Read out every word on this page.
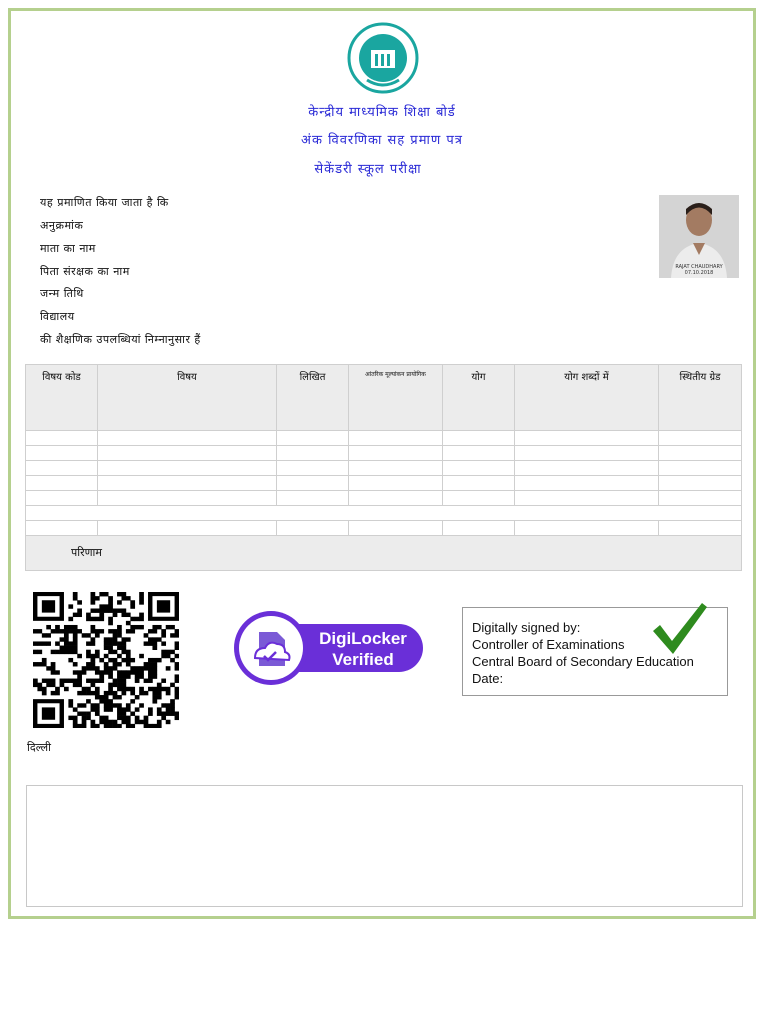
केन्द्रीय माध्यमिक शिक्षा बोर्ड
अंक विवरणिका सह प्रमाण पत्र
सेकेंडरी स्कूल परीक्षा
यह प्रमाणित किया जाता है कि
अनुक्रमांक
माता का नाम
पिता संरक्षक का नाम
जन्म तिथि
विद्यालय
की शैक्षणिक उपलब्धियां निम्नानुसार हैं
RAJAT CHAUDHARY
07.10.2018
विषय कोड	विषय	लिखित	आंतरिक मूल्यांकन प्रायोगिक	योग	योग शब्दों में	स्थितीय ग्रेड

परिणाम
DigiLocker
Verified
Digitally signed by:
Controller of Examinations
Central Board of Secondary Education
Date:
दिल्ली
